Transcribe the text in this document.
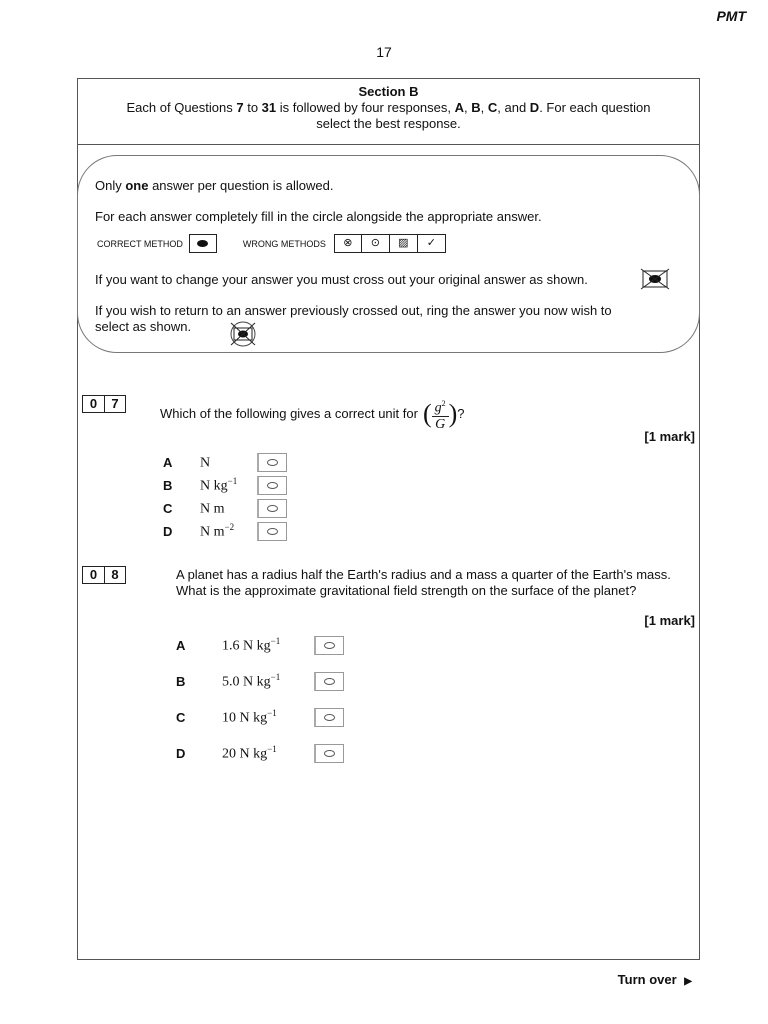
PMT
17
Section B
Each of Questions 7 to 31 is followed by four responses, A, B, C, and D. For each question
select the best response.
Only one answer per question is allowed.
For each answer completely fill in the circle alongside the appropriate answer.
CORRECT METHOD	WRONG METHODS	⊗	⊙	▨	✓
If you want to change your answer you must cross out your original answer as shown.
If you wish to return to an answer previously crossed out, ring the answer you now wish to
select as shown.
0	7
Which of the following gives a correct unit for ( $g^2$
G ) ?
[1 mark]
A	N
B	N $kg^{-1}$
C	N m
D	N $m^{-2}$
0	8	A planet has a radius half the Earth's radius and a mass a quarter of the Earth's mass. What is the approximate gravitational field strength on the surface of the planet?
[1 mark]
A	1.6 N $kg^{-1}$
B	5.0 N $kg^{-1}$
C	10 N $kg^{-1}$
D	20 N $kg^{-1}$
Turn over ▶
